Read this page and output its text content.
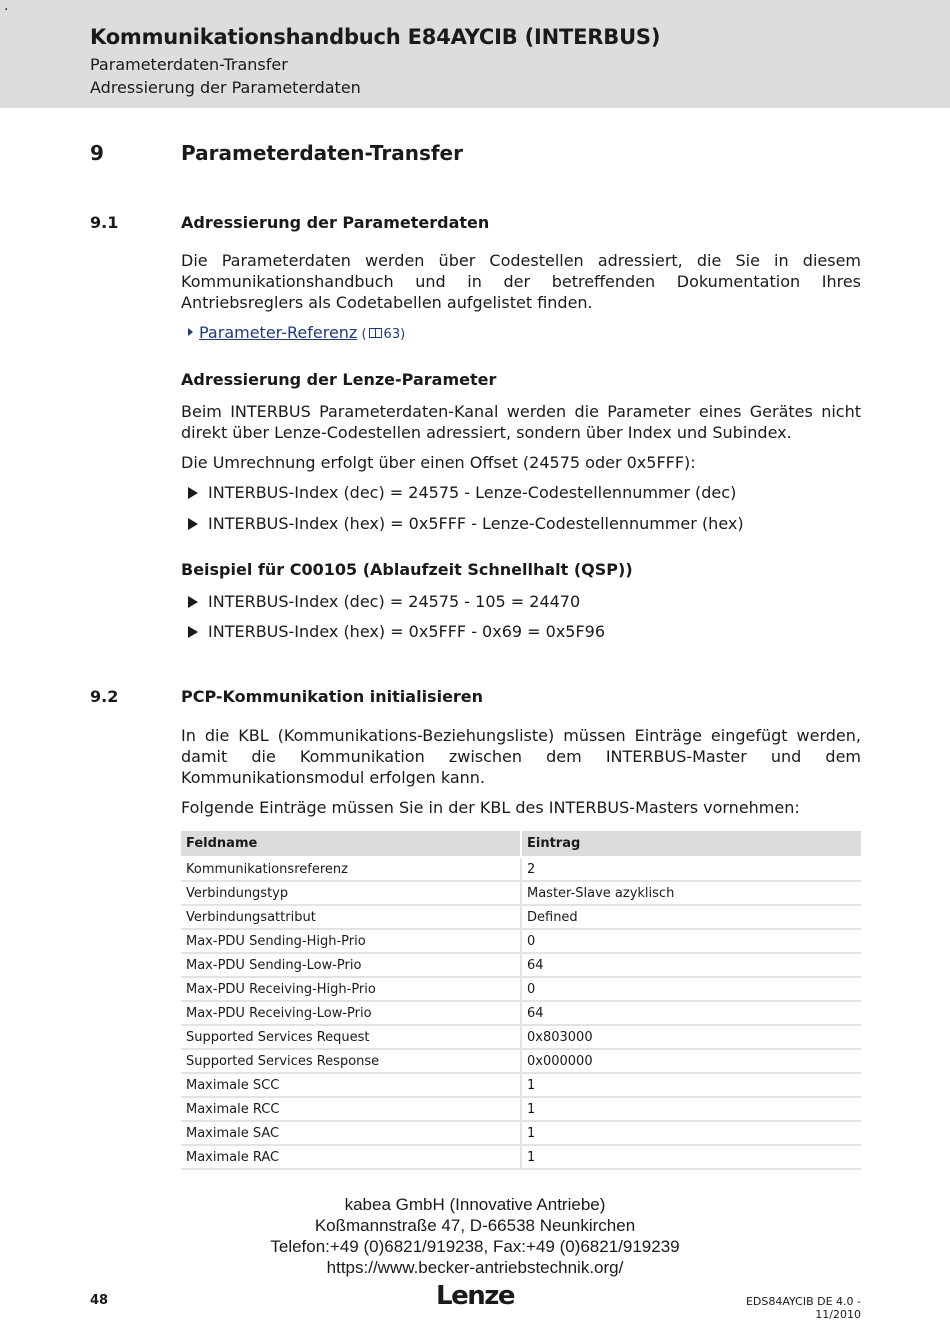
·
Kommunikationshandbuch E84AYCIB (INTERBUS)
Parameterdaten-Transfer
Adressierung der Parameterdaten
9	Parameterdaten-Transfer
9.1	Adressierung der Parameterdaten
Die Parameterdaten werden über Codestellen adressiert, die Sie in diesem Kommunikationshandbuch und in der betreffenden Dokumentation Ihres Antriebsreglers als Codetabellen aufgelistet finden.
Parameter-Referenz ( 63)
Adressierung der Lenze-Parameter
Beim INTERBUS Parameterdaten-Kanal werden die Parameter eines Gerätes nicht direkt über Lenze-Codestellen adressiert, sondern über Index und Subindex.
Die Umrechnung erfolgt über einen Offset (24575 oder 0x5FFF):
INTERBUS-Index (dec) = 24575 - Lenze-Codestellennummer (dec)
INTERBUS-Index (hex) = 0x5FFF - Lenze-Codestellennummer (hex)
Beispiel für C00105 (Ablaufzeit Schnellhalt (QSP))
INTERBUS-Index (dec) = 24575 - 105 = 24470
INTERBUS-Index (hex) = 0x5FFF - 0x69 = 0x5F96
9.2	PCP-Kommunikation initialisieren
In die KBL (Kommunikations-Beziehungsliste) müssen Einträge eingefügt werden, damit die Kommunikation zwischen dem INTERBUS-Master und dem Kommunikationsmodul erfolgen kann.
Folgende Einträge müssen Sie in der KBL des INTERBUS-Masters vornehmen:
Feldname	Eintrag
Kommunikationsreferenz	2
Verbindungstyp	Master-Slave azyklisch
Verbindungsattribut	Defined
Max-PDU Sending-High-Prio	0
Max-PDU Sending-Low-Prio	64
Max-PDU Receiving-High-Prio	0
Max-PDU Receiving-Low-Prio	64
Supported Services Request	0x803000
Supported Services Response	0x000000
Maximale SCC	1
Maximale RCC	1
Maximale SAC	1
Maximale RAC	1
kabea GmbH (Innovative Antriebe)
Koßmannstraße 47, D-66538 Neunkirchen
Telefon:+49 (0)6821/919238, Fax:+49 (0)6821/919239
https://www.becker-antriebstechnik.org/
48	Lenze	EDS84AYCIB DE 4.0 - 11/2010
